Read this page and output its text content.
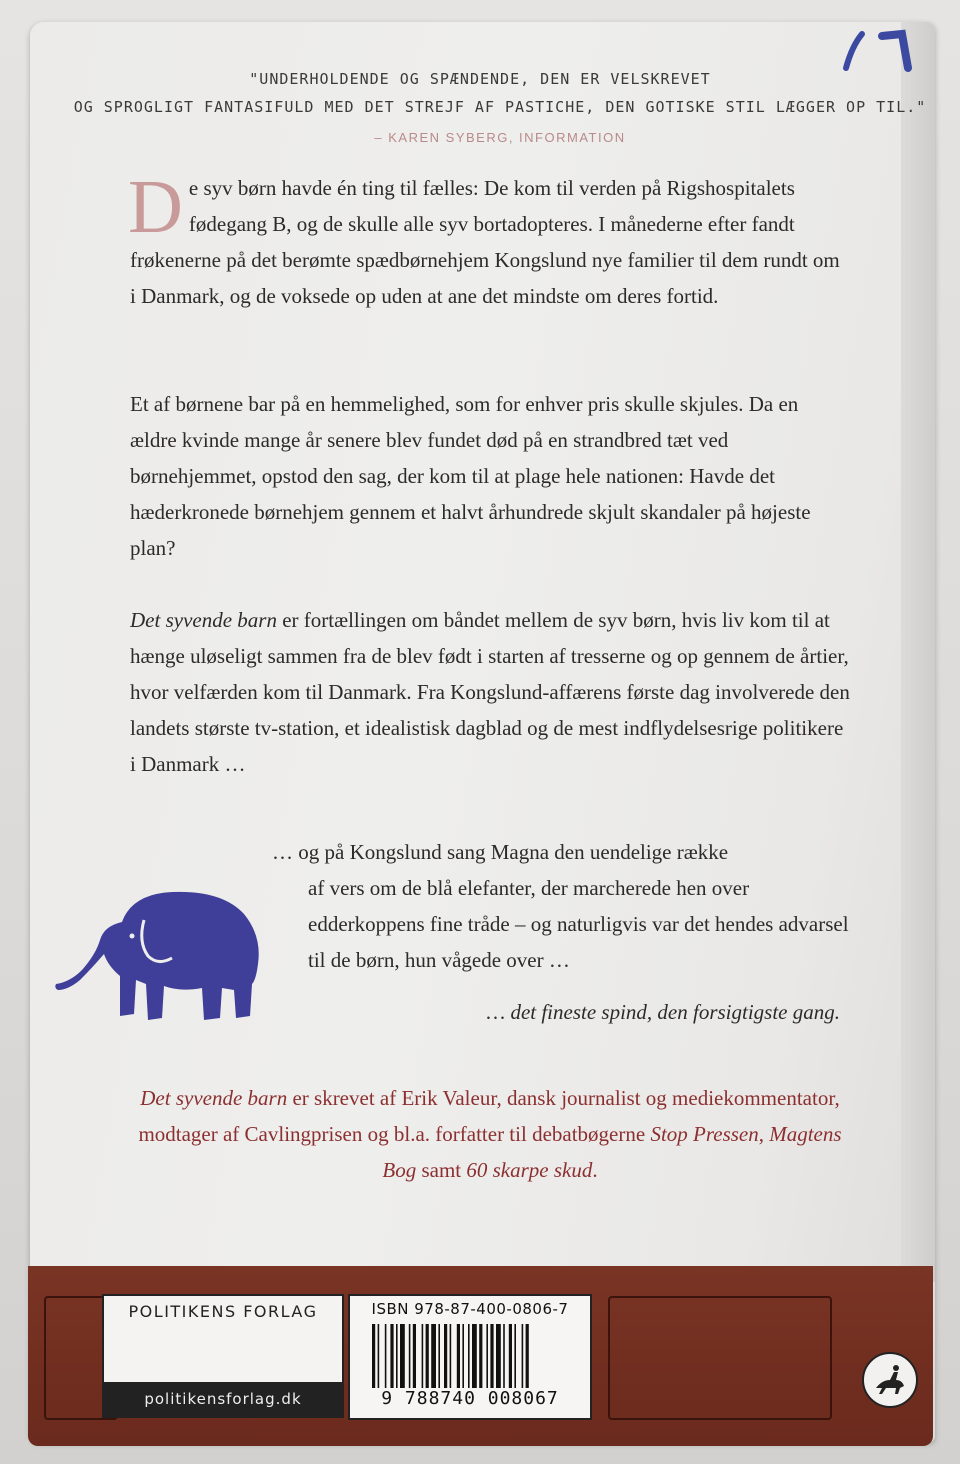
"UNDERHOLDENDE OG SPÆNDENDE, DEN ER VELSKREVET
OG SPROGLIGT FANTASIFULD MED DET STREJF AF PASTICHE, DEN GOTISKE STIL LÆGGER OP TIL."
– KAREN SYBERG, INFORMATION
De syv børn havde én ting til fælles: De kom til verden på Rigshospitalets fødegang B, og de skulle alle syv bortadopteres. I månederne efter fandt frøkenerne på det berømte spædbørnehjem Kongslund nye familier til dem rundt om i Danmark, og de voksede op uden at ane det mindste om deres fortid.
Et af børnene bar på en hemmelighed, som for enhver pris skulle skjules. Da en ældre kvinde mange år senere blev fundet død på en strandbred tæt ved børnehjemmet, opstod den sag, der kom til at plage hele nationen: Havde det hæderkronede børnehjem gennem et halvt århundrede skjult skandaler på højeste plan?
Det syvende barn er fortællingen om båndet mellem de syv børn, hvis liv kom til at hænge uløseligt sammen fra de blev født i starten af tresserne og op gennem de årtier, hvor velfærden kom til Danmark. Fra Kongslund-affærens første dag involverede den landets største tv-station, et idealistisk dagblad og de mest indflydelsesrige politikere i Danmark …
… og på Kongslund sang Magna den uendelige række
af vers om de blå elefanter, der marcherede hen over edderkoppens fine tråde – og naturligvis var det hendes advarsel til de børn, hun vågede over …
… det fineste spind, den forsigtigste gang.
Det syvende barn er skrevet af Erik Valeur, dansk journalist og mediekommentator, modtager af Cavlingprisen og bl.a. forfatter til debatbøgerne Stop Pressen, Magtens Bog samt 60 skarpe skud.
POLITIKENS FORLAG
politikensforlag.dk
ISBN 978-87-400-0806-7
9 788740 008067
